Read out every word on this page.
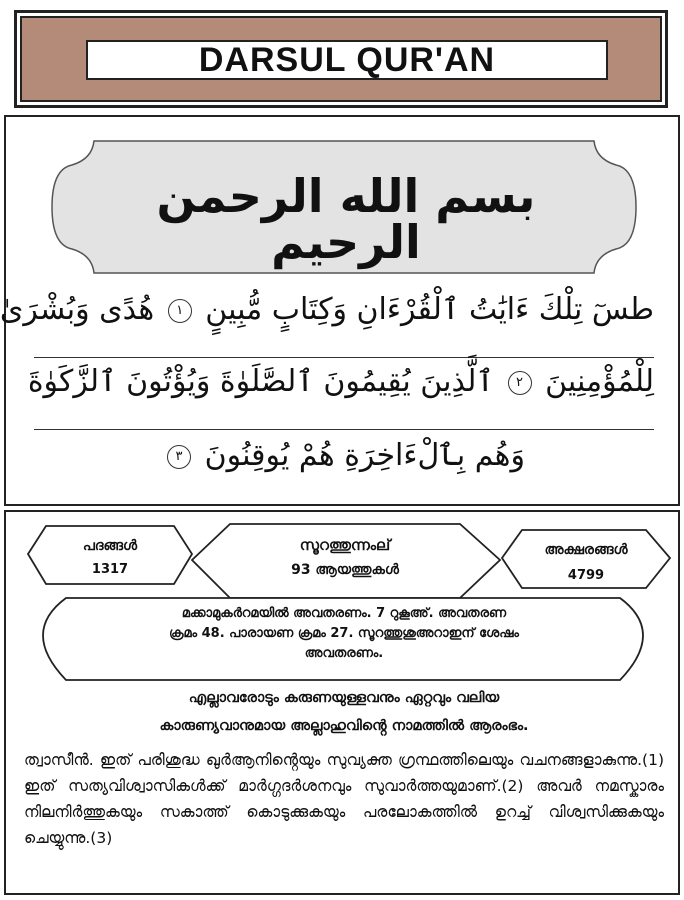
DARSUL QUR'AN
بسم الله الرحمن الرحيم
طسٓ تِلْكَ ءَايَٰتُ ٱلْقُرْءَانِ وَكِتَابٍ مُّبِينٍ ١ هُدًى وَبُشْرَىٰ
لِلْمُؤْمِنِينَ ٢ ٱلَّذِينَ يُقِيمُونَ ٱلصَّلَوٰةَ وَيُؤْتُونَ ٱلزَّكَوٰةَ
وَهُم بِٱلْءَاخِرَةِ هُمْ يُوقِنُونَ ٣
പദങ്ങൾ
1317
സൂറത്തുന്നംല്
93 ആയത്തുകൾ
അക്ഷരങ്ങൾ
4799
മക്കാമുകർറമയിൽ അവതരണം. 7 റുകൂഅ്. അവതരണ
ക്രമം 48. പാരായണ ക്രമം 27. സൂറത്തുശുഅറാഇന് ശേഷം
അവതരണം.
എല്ലാവരോടും കരുണയുള്ളവനും ഏറ്റവും വലിയ
കാരുണ്യവാനുമായ അല്ലാഹുവിൻ്റെ നാമത്തിൽ ആരംഭം.
ത്വാസീൻ. ഇത് പരിശുദ്ധ ഖുർആനിൻ്റെയും സുവ്യക്ത ഗ്രന്ഥത്തിലെയും വചനങ്ങളാകുന്നു.(1) ഇത് സത്യവിശ്വാസികൾക്ക് മാർഗ്ഗദർശനവും സുവാർത്തയുമാണ്.(2) അവർ നമസ്കാരം നിലനിർത്തുകയും സകാത്ത് കൊടുക്കുകയും പരലോകത്തിൽ ഉറച്ച് വിശ്വസിക്കുകയും ചെയ്യുന്നു.(3)
